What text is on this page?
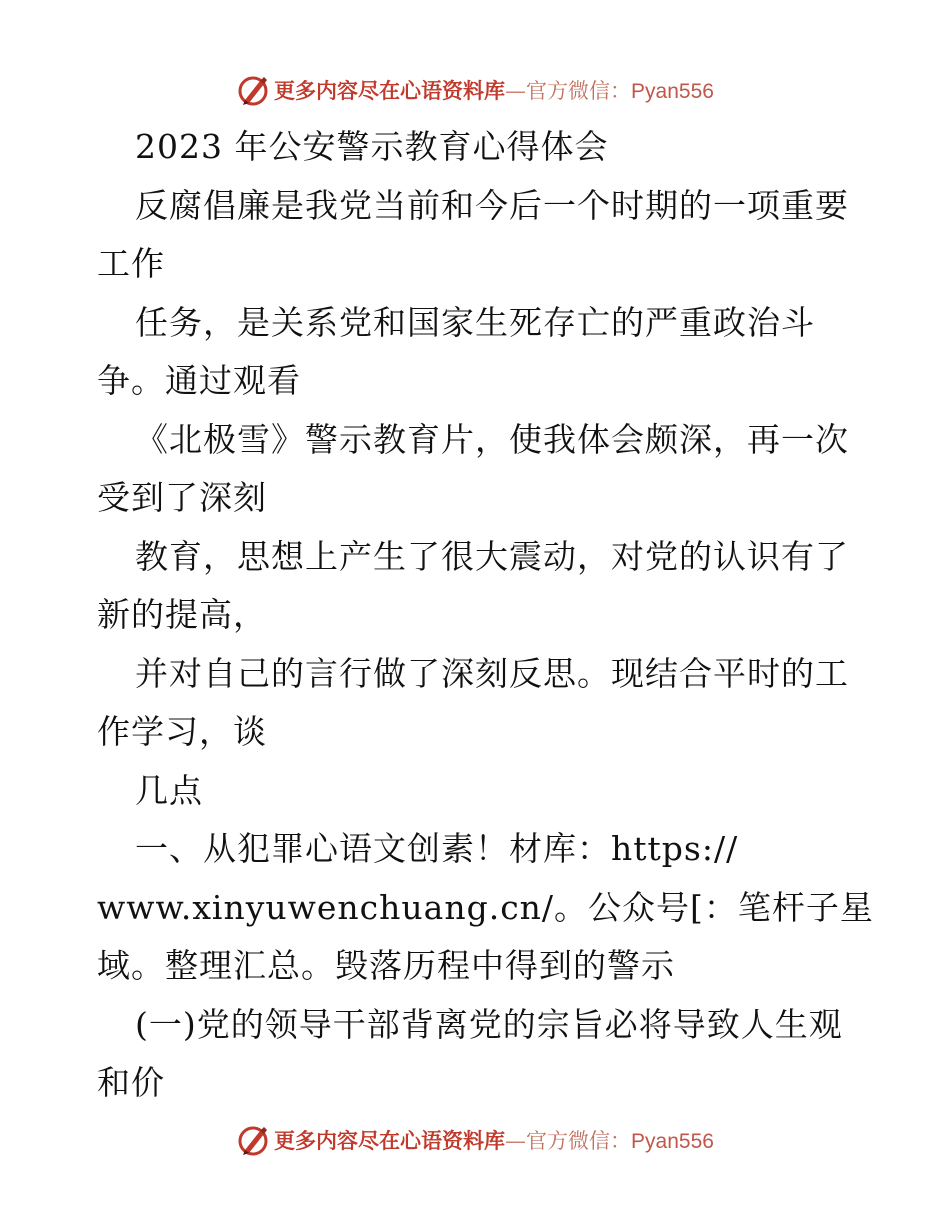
更多内容尽在心语资料库—官方微信：Pyan556
2023 年公安警示教育心得体会
反腐倡廉是我党当前和今后一个时期的一项重要
工作
任务，是关系党和国家生死存亡的严重政治斗
争。通过观看
《北极雪》警示教育片，使我体会颇深，再一次
受到了深刻
教育，思想上产生了很大震动，对党的认识有了
新的提高，
并对自己的言行做了深刻反思。现结合平时的工
作学习，谈
几点
一、从犯罪心语文创素！材库：https://
www.xinyuwenchuang.cn/。公众号[：笔杆子星
域。整理汇总。毁落历程中得到的警示
(一)党的领导干部背离党的宗旨必将导致人生观
和价
更多内容尽在心语资料库—官方微信：Pyan556
